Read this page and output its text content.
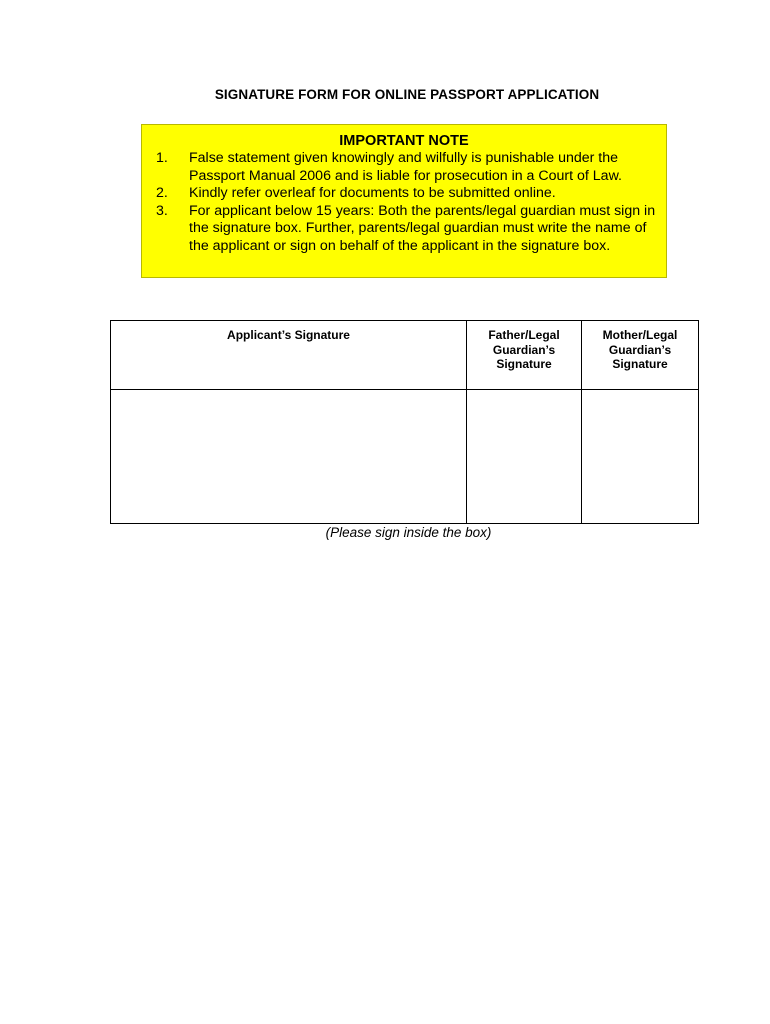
SIGNATURE FORM FOR ONLINE PASSPORT APPLICATION
IMPORTANT NOTE
1. False statement given knowingly and wilfully is punishable under the Passport Manual 2006 and is liable for prosecution in a Court of Law.
2. Kindly refer overleaf for documents to be submitted online.
3. For applicant below 15 years: Both the parents/legal guardian must sign in the signature box. Further, parents/legal guardian must write the name of the applicant or sign on behalf of the applicant in the signature box.
Applicant’s Signature	Father/Legal Guardian’s Signature	Mother/Legal Guardian’s Signature

(Please sign inside the box)
